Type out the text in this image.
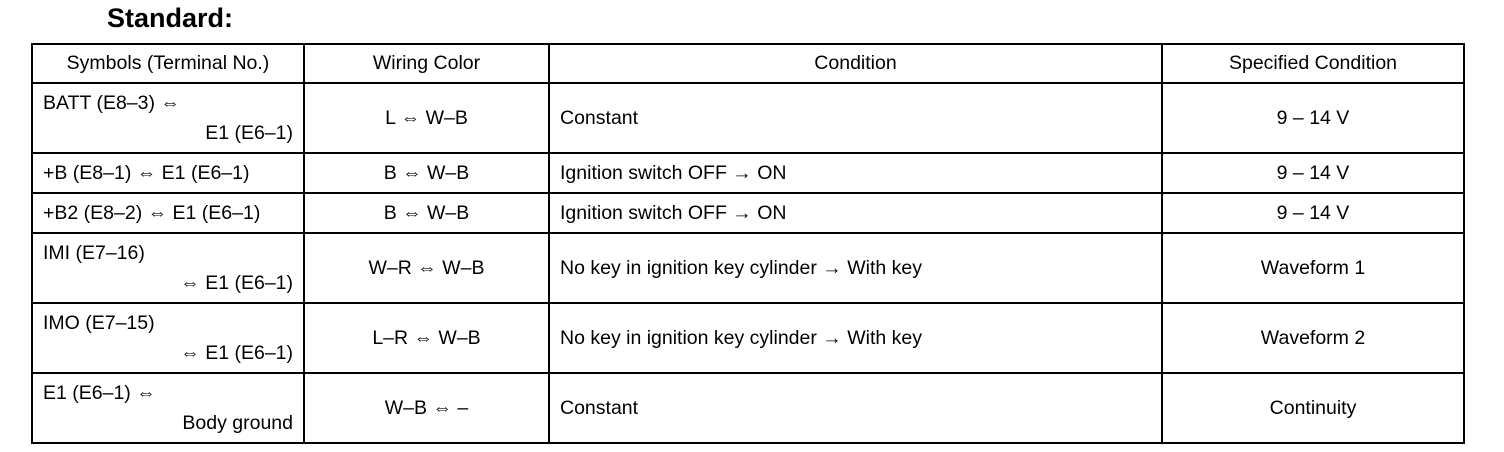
Standard:
Symbols (Terminal No.)	Wiring Color	Condition	Specified Condition

BATT (E8–3) ⇔
E1 (E6–1)	L ⇔ W–B	Constant	9 – 14 V

+B (E8–1) ⇔ E1 (E6–1)	B ⇔ W–B	Ignition switch OFF → ON	9 – 14 V

+B2 (E8–2) ⇔ E1 (E6–1)	B ⇔ W–B	Ignition switch OFF → ON	9 – 14 V

IMI (E7–16)
⇔ E1 (E6–1)	W–R ⇔ W–B	No key in ignition key cylinder → With key	Waveform 1

IMO (E7–15)
⇔ E1 (E6–1)	L–R ⇔ W–B	No key in ignition key cylinder → With key	Waveform 2

E1 (E6–1) ⇔
Body ground	W–B ⇔ –	Constant	Continuity
